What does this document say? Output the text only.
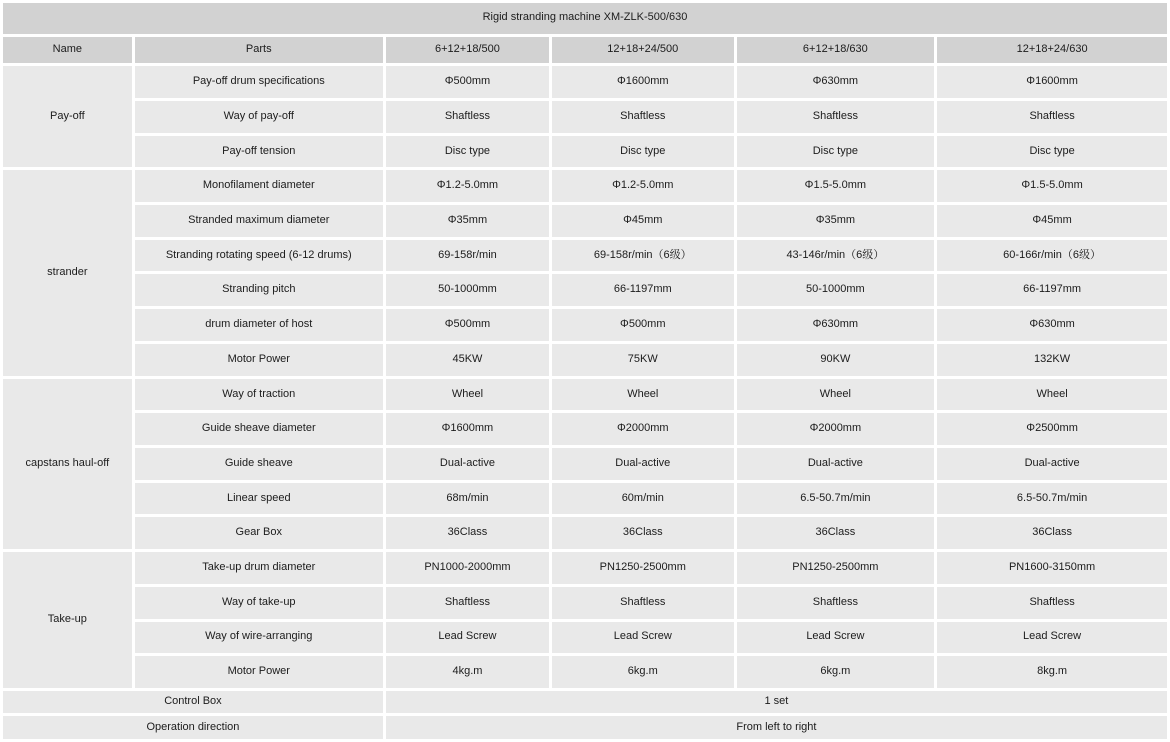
Rigid stranding machine XM-ZLK-500/630					
Name	Parts	6+12+18/500	12+18+24/500	6+12+18/630	12+18+24/630
Pay-off	Pay-off drum specifications	Φ500mm	Φ1600mm	Φ630mm	Φ1600mm
	Way of pay-off	Shaftless	Shaftless	Shaftless	Shaftless
	Pay-off tension	Disc type	Disc type	Disc type	Disc type
strander	Monofilament diameter	Φ1.2-5.0mm	Φ1.2-5.0mm	Φ1.5-5.0mm	Φ1.5-5.0mm
	Stranded maximum diameter	Φ35mm	Φ45mm	Φ35mm	Φ45mm
	Stranding rotating speed (6-12 drums)	69-158r/min	69-158r/min（6级）	43-146r/min（6级）	60-166r/min（6级）
	Stranding pitch	50-1000mm	66-1197mm	50-1000mm	66-1197mm
	drum diameter of host	Φ500mm	Φ500mm	Φ630mm	Φ630mm
	Motor Power	45KW	75KW	90KW	132KW
capstans haul-off	Way of traction	Wheel	Wheel	Wheel	Wheel
	Guide sheave diameter	Φ1600mm	Φ2000mm	Φ2000mm	Φ2500mm
	Guide sheave	Dual-active	Dual-active	Dual-active	Dual-active
	Linear speed	68m/min	60m/min	6.5-50.7m/min	6.5-50.7m/min
	Gear Box	36Class	36Class	36Class	36Class
Take-up	Take-up drum diameter	PN1000-2000mm	PN1250-2500mm	PN1250-2500mm	PN1600-3150mm
	Way of take-up	Shaftless	Shaftless	Shaftless	Shaftless
	Way of wire-arranging	Lead Screw	Lead Screw	Lead Screw	Lead Screw
	Motor Power	4kg.m	6kg.m	6kg.m	8kg.m
Control Box		1 set			
Operation direction		From left to right			
